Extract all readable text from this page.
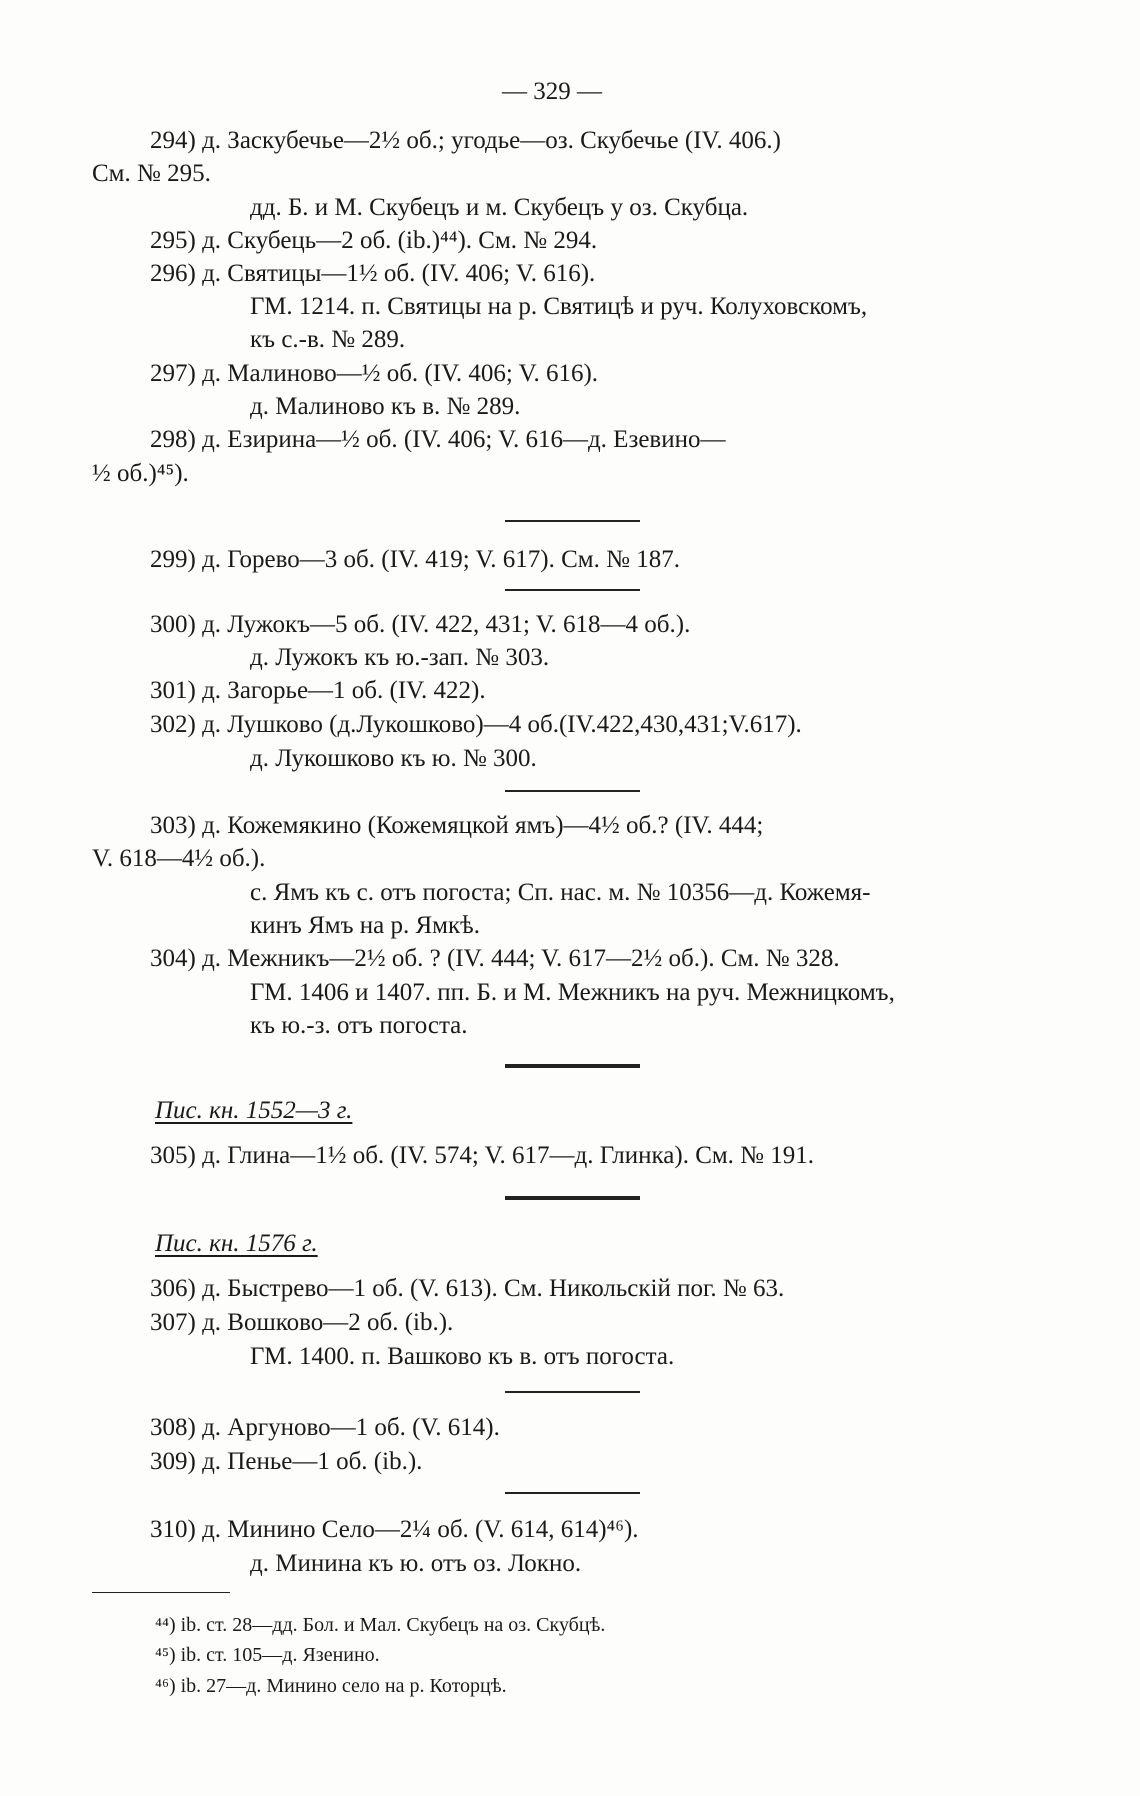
— 329 —
294) д. Заскубечье—2½ об.; угодье—оз. Скубечье (IV. 406.)
См. № 295.
дд. Б. и М. Скубецъ и м. Скубецъ у оз. Скубца.
295) д. Скубець—2 об. (ib.)⁴⁴). См. № 294.
296) д. Святицы—1½ об. (IV. 406; V. 616).
ГМ. 1214. п. Святицы на р. Святицѣ и руч. Колуховскомъ,
къ с.-в. № 289.
297) д. Малиново—½ об. (IV. 406; V. 616).
д. Малиново къ в. № 289.
298) д. Езирина—½ об. (IV. 406; V. 616—д. Езевино—
½ об.)⁴⁵).
299) д. Горево—3 об. (IV. 419; V. 617). См. № 187.
300) д. Лужокъ—5 об. (IV. 422, 431; V. 618—4 об.).
д. Лужокъ къ ю.-зап. № 303.
301) д. Загорье—1 об. (IV. 422).
302) д. Лушково (д.Лукошково)—4 об.(IV.422,430,431;V.617).
д. Лукошково къ ю. № 300.
303) д. Кожемякино (Кожемяцкой ямъ)—4½ об.? (IV. 444;
V. 618—4½ об.).
с. Ямъ къ с. отъ погоста; Сп. нас. м. № 10356—д. Кожемя-
кинъ Ямъ на р. Ямкѣ.
304) д. Межникъ—2½ об. ? (IV. 444; V. 617—2½ об.). См. № 328.
ГМ. 1406 и 1407. пп. Б. и М. Межникъ на руч. Межницкомъ,
къ ю.-з. отъ погоста.
Пис. кн. 1552—3 г.
305) д. Глина—1½ об. (IV. 574; V. 617—д. Глинка). См. № 191.
Пис. кн. 1576 г.
306) д. Быстрево—1 об. (V. 613). См. Никольскій пог. № 63.
307) д. Вошково—2 об. (ib.).
ГМ. 1400. п. Вашково къ в. отъ погоста.
308) д. Аргуново—1 об. (V. 614).
309) д. Пенье—1 об. (ib.).
310) д. Минино Село—2¼ об. (V. 614, 614)⁴⁶).
д. Минина къ ю. отъ оз. Локно.
⁴⁴) ib. ст. 28—дд. Бол. и Мал. Скубецъ на оз. Скубцѣ.
⁴⁵) ib. ст. 105—д. Язенино.
⁴⁶) ib. 27—д. Минино село на р. Которцѣ.
